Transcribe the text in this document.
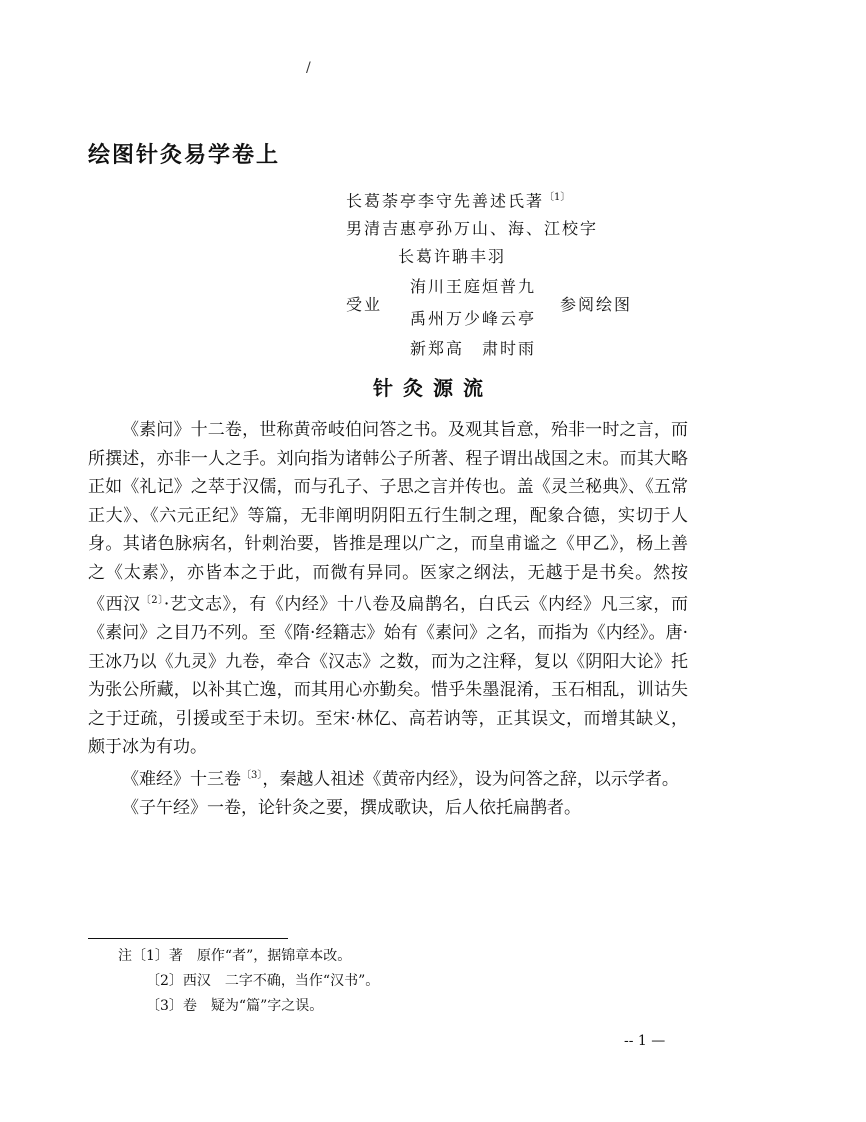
/
绘图针灸易学卷上
长葛荼亭李守先善述氏著$^{〔1〕}$
男清吉惠亭孙万山、海、江校字
长葛许聃丰羽
受业
洧川王庭烜普九
禹州万少峰云亭
参阅绘图
新郑高　肃时雨
针灸源流

《素问》十二卷，世称黄帝岐伯问答之书。及观其旨意，殆非一时之言，而所撰述，亦非一人之手。刘向指为诸韩公子所著、程子谓出战国之末。而其大略正如《礼记》之萃于汉儒，而与孔子、子思之言并传也。盖《灵兰秘典》、《五常正大》、《六元正纪》等篇，无非阐明阴阳五行生制之理，配象合德，实切于人身。其诸色脉病名，针刺治要，皆推是理以广之，而皇甫谧之《甲乙》，杨上善之《太素》，亦皆本之于此，而微有异同。医家之纲法，无越于是书矣。然按《西汉$^{〔2〕}$·艺文志》，有《内经》十八卷及扁鹊名，白氏云《内经》凡三家，而《素问》之目乃不列。至《隋·经籍志》始有《素问》之名，而指为《内经》。唐·王冰乃以《九灵》九卷，牵合《汉志》之数，而为之注释，复以《阴阳大论》托为张公所藏，以补其亡逸，而其用心亦勤矣。惜乎朱墨混淆，玉石相乱，训诂失之于迂疏，引援或至于未切。至宋·林亿、高若讷等，正其误文，而增其缺义，颇于冰为有功。

《难经》十三卷$^{〔3〕}$，秦越人祖述《黄帝内经》，设为问答之辞，以示学者。

《子午经》一卷，论针灸之要，撰成歌诀，后人依托扁鹊者。

注〔1〕著　原作“者”，据锦章本改。
〔2〕西汉　二字不确，当作“汉书”。
〔3〕卷　疑为“篇”字之误。
-- 1 —
